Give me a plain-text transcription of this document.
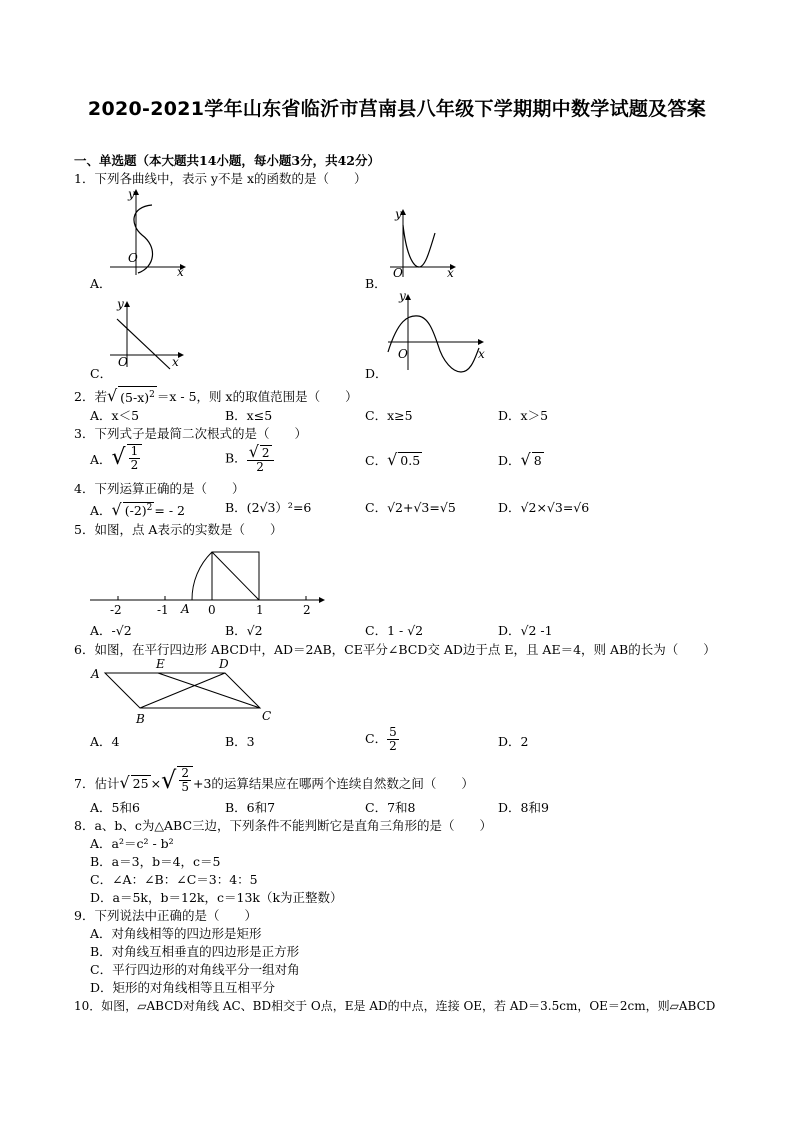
2020-2021学年山东省临沂市莒南县八年级下学期期中数学试题及答案
一、单选题（本大题共14小题，每小题3分，共42分）
1．下列各曲线中，表示 y不是 x的函数的是（　　）
y
O
x
A．
y
O	x
B．
y
O	x
C．
y
O	x
D．
2．若 √ $(5-x)^2 =x - 5$，则 x的取值范围是（　　）
A．x＜5	B．x≤5	C．x≥5	D．x＞5
3．下列式子是最简二次根式的是（　　）
A． √ $\frac{1}{2}$	B． $\frac{√ 2}{2}$	C．√ 0.5	D．√ 8
4．下列运算正确的是（　　）
A．√ $(-2)^2$ = - 2	B．(2√3）²=6	C．√2+√3=√5	D．√2×√3=√6
5．如图，点 A表示的实数是（　　）
-2	-1	0	1	2
A
A．-√2	B．√2	C．1 - √2	D．√2 -1
6．如图，在平行四边形 ABCD中，AD＝2AB，CE平分∠BCD交 AD边于点 E，且 AE＝4，则 AB的长为（　　）
A
E	D
B	C
A．4	B．3	C． $\frac{5}{2}$	D．2
7．估计√ 25 × √ $\frac{2}{5} +3$的运算结果应在哪两个连续自然数之间（　　）
A．5和6	B．6和7	C．7和8	D．8和9
8．a、b、c为△ABC三边，下列条件不能判断它是直角三角形的是（　　）
A．a²＝c² - b²
B．a＝3，b＝4，c＝5
C．∠A：∠B：∠C＝3：4：5
D．a＝5k，b＝12k，c＝13k（k为正整数）
9．下列说法中正确的是（　　）
A．对角线相等的四边形是矩形
B．对角线互相垂直的四边形是正方形
C．平行四边形的对角线平分一组对角
D．矩形的对角线相等且互相平分
10．如图，▱ABCD对角线 AC、BD相交于 O点，E是 AD的中点，连接 OE，若 AD＝3.5cm，OE＝2cm，则▱ABCD
